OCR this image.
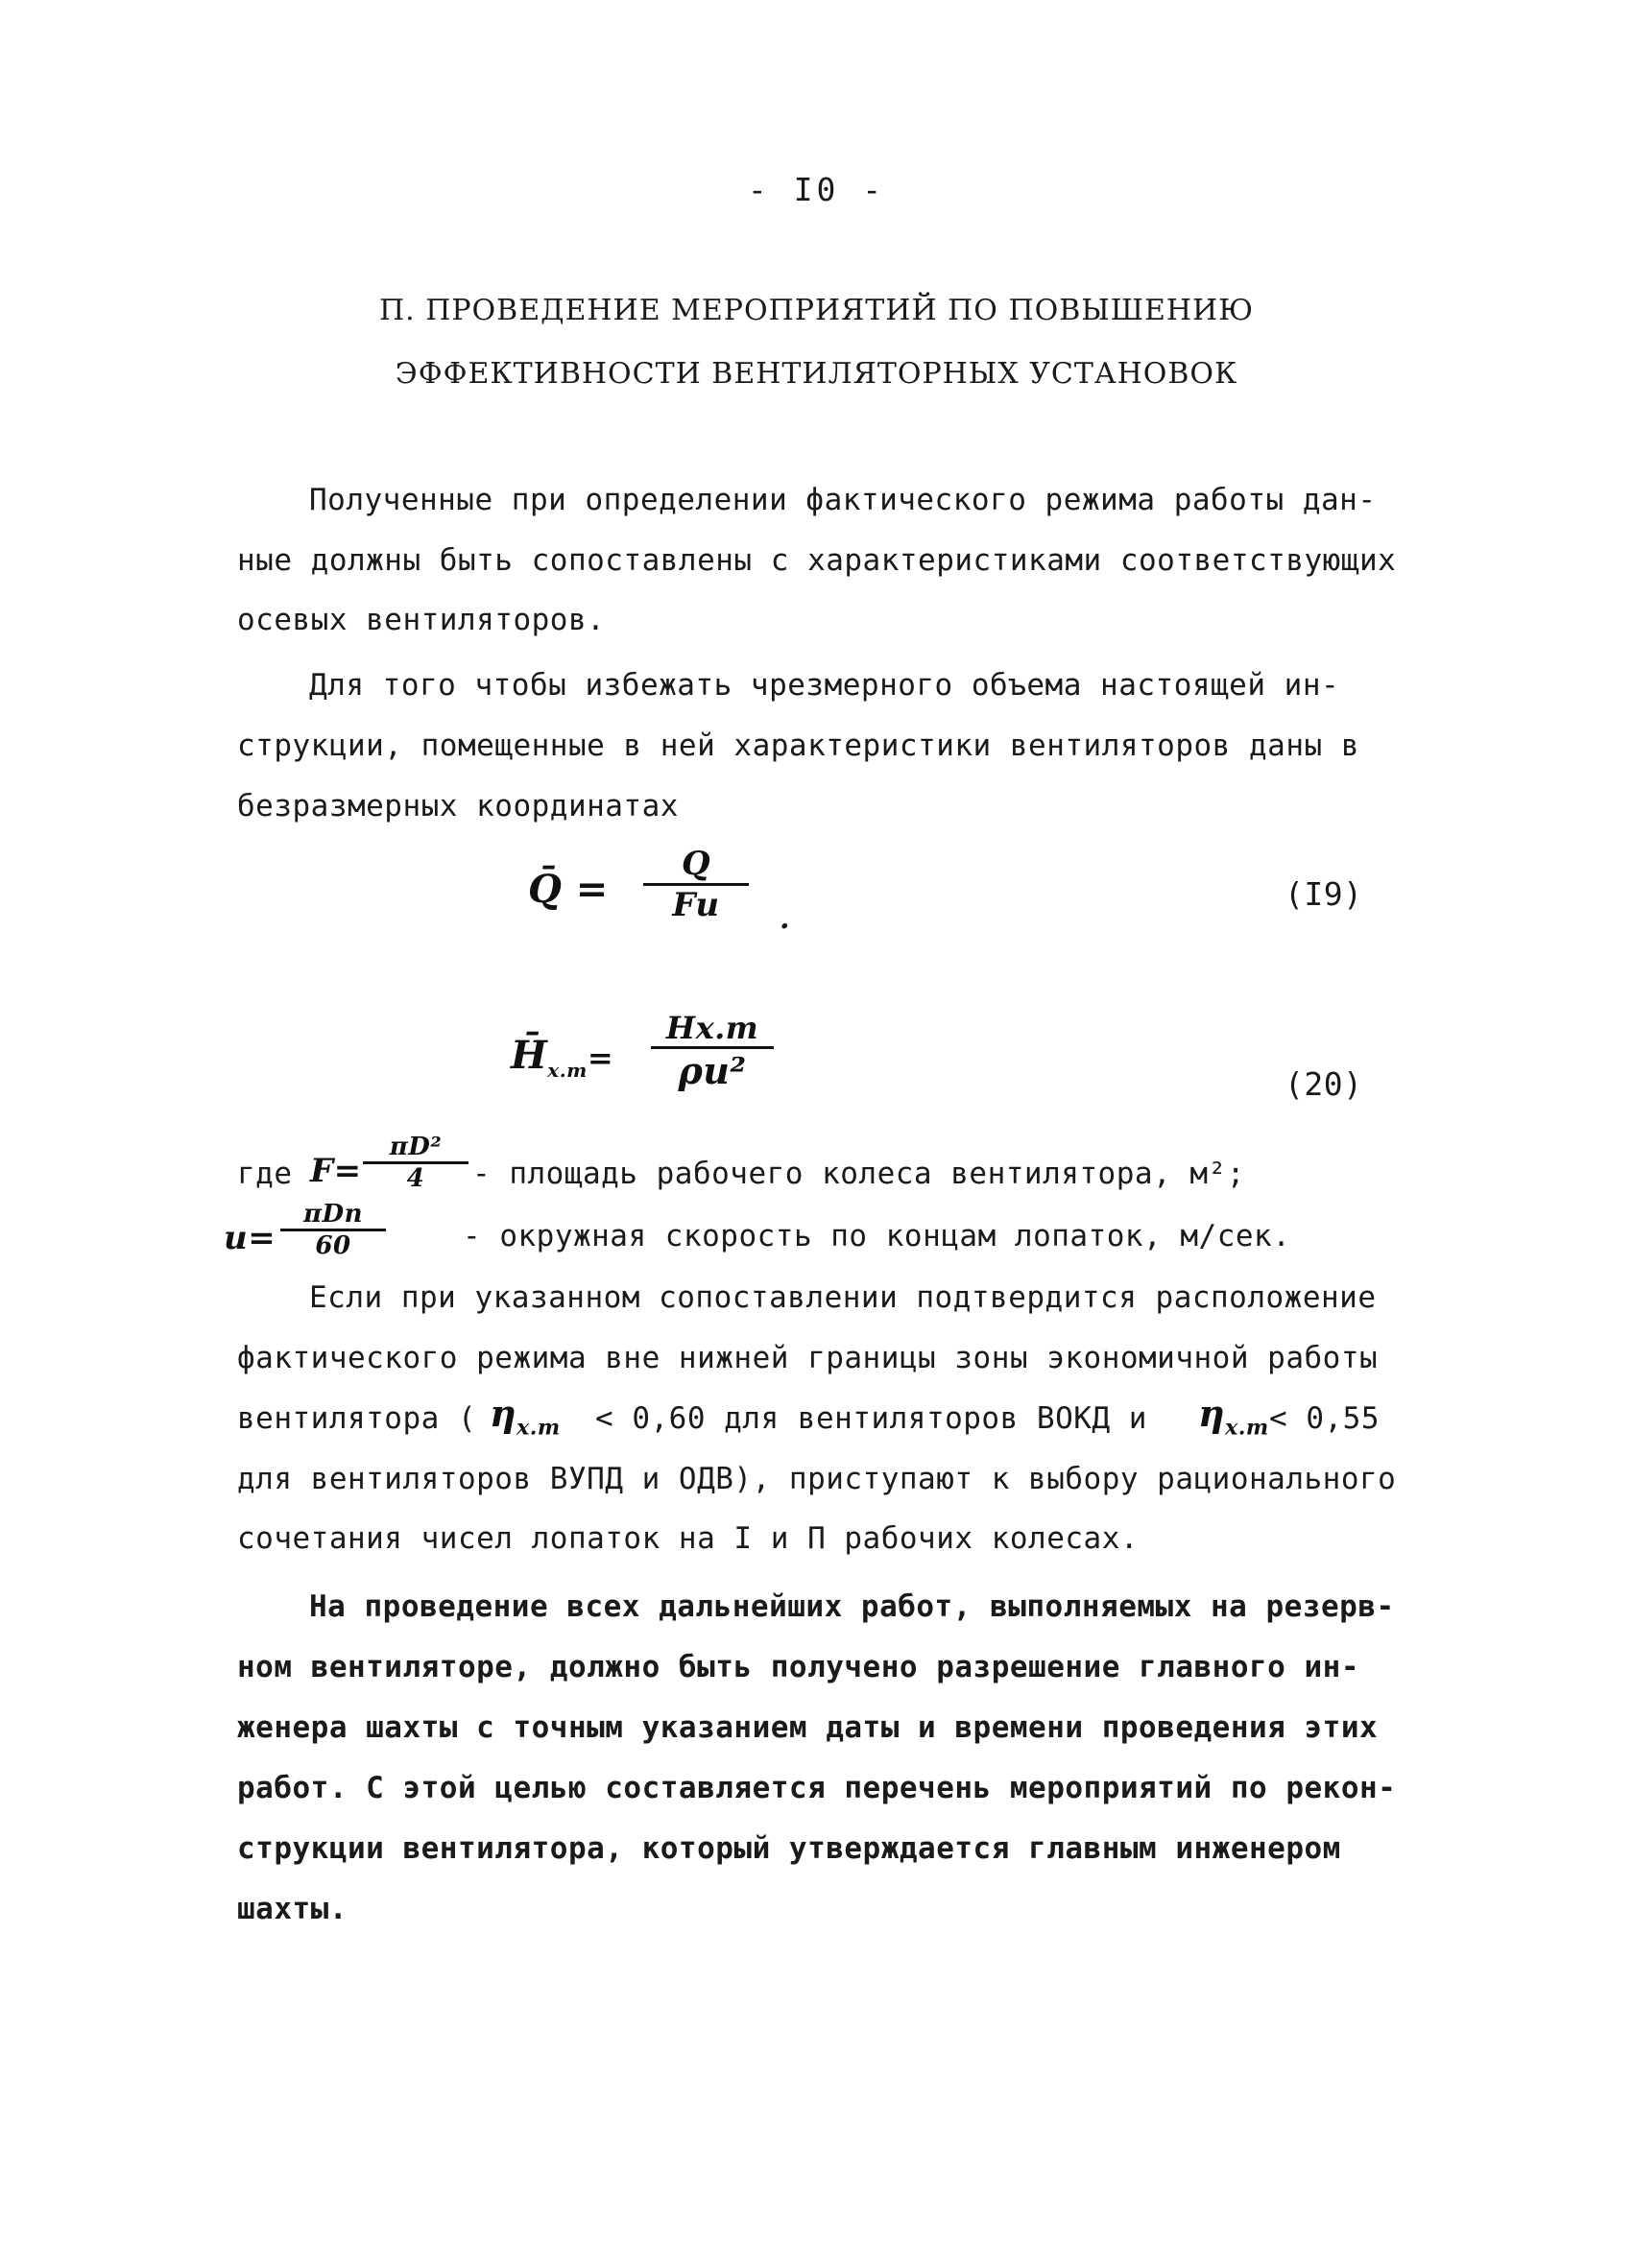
- I0 -
П. ПРОВЕДЕНИЕ МЕРОПРИЯТИЙ ПО ПОВЫШЕНИЮ
ЭФФЕКТИВНОСТИ ВЕНТИЛЯТОРНЫХ УСТАНОВОК
Полученные при определении фактического режима работы дан-
ные должны быть сопоставлены с характеристиками соответствующих
осевых вентиляторов.
Для того чтобы избежать чрезмерного объема настоящей ин-
струкции, помещенные в ней характеристики вентиляторов даны в
безразмерных координатах
Q̄ =
Q
Fu .
(I9)
$H̄_{х.т}=$
Hх.т
ρu²	(20)
где F=
πD²
4 - площадь рабочего колеса вентилятора, м²;
u=
πDn
60	- окружная скорость по концам лопаток, м/сек.
Если при указанном сопоставлении подтвердится расположение
фактического режима вне нижней границы зоны экономичной работы
вентилятора ( $\eta_{х.т} < 0,60$ для вентиляторов ВОКД и $\eta_{х.т} < 0,55$
для вентиляторов ВУПД и ОДВ), приступают к выбору рационального
сочетания чисел лопаток на I и П рабочих колесах.
На проведение всех дальнейших работ, выполняемых на резерв-
ном вентиляторе, должно быть получено разрешение главного ин-
женера шахты с точным указанием даты и времени проведения этих
работ. С этой целью составляется перечень мероприятий по рекон-
струкции вентилятора, который утверждается главным инженером
шахты.
